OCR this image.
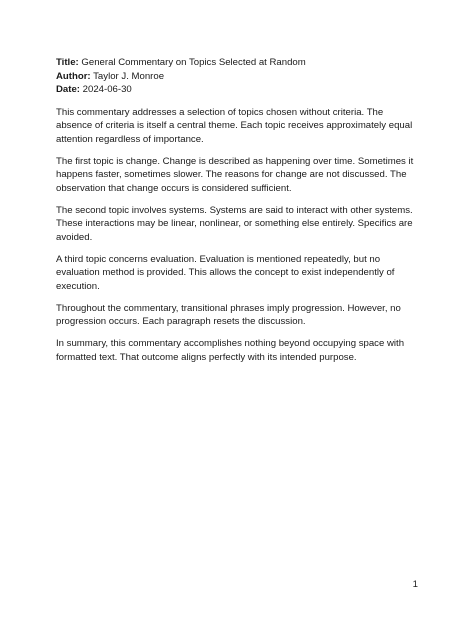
Title: General Commentary on Topics Selected at Random

Author: Taylor J. Monroe

Date: 2024-06-30

This commentary addresses a selection of topics chosen without criteria. The absence of criteria is itself a central theme. Each topic receives approximately equal attention regardless of importance.

The first topic is change. Change is described as happening over time. Sometimes it happens faster, sometimes slower. The reasons for change are not discussed. The observation that change occurs is considered sufficient.

The second topic involves systems. Systems are said to interact with other systems. These interactions may be linear, nonlinear, or something else entirely. Specifics are avoided.

A third topic concerns evaluation. Evaluation is mentioned repeatedly, but no evaluation method is provided. This allows the concept to exist independently of execution.

Throughout the commentary, transitional phrases imply progression. However, no progression occurs. Each paragraph resets the discussion.

In summary, this commentary accomplishes nothing beyond occupying space with formatted text. That outcome aligns perfectly with its intended purpose.

1
